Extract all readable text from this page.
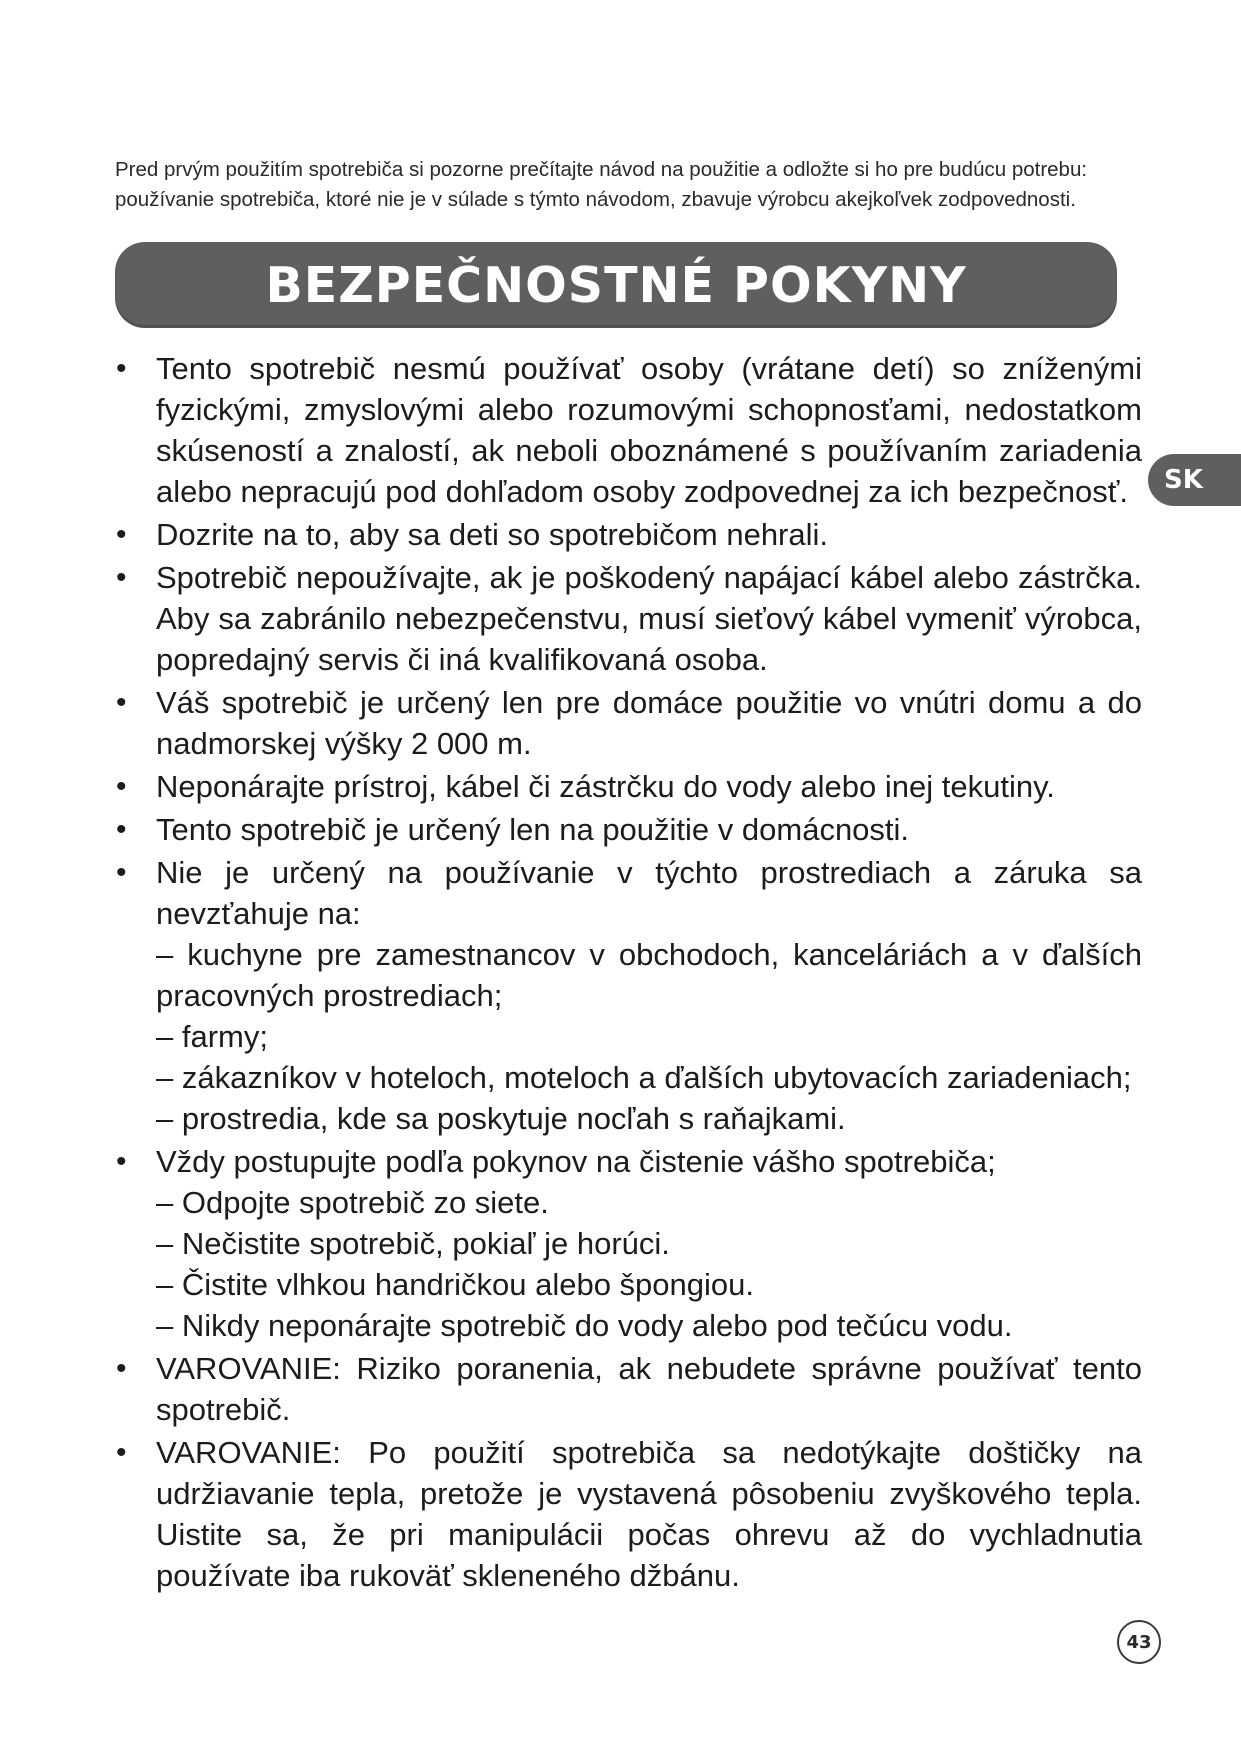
Pred prvým použitím spotrebiča si pozorne prečítajte návod na použitie a odložte si ho pre budúcu potrebu: používanie spotrebiča, ktoré nie je v súlade s týmto návodom, zbavuje výrobcu akejkoľvek zodpovednosti.

BEZPEČNOSTNÉ POKYNY
• Tento spotrebič nesmú používať osoby (vrátane detí) so zníženými fyzickými, zmyslovými alebo rozumovými schopnosťami, nedostatkom skúseností a znalostí, ak neboli oboznámené s používaním zariadenia alebo nepracujú pod dohľadom osoby zodpovednej za ich bezpečnosť.
• Dozrite na to, aby sa deti so spotrebičom nehrali.
• Spotrebič nepoužívajte, ak je poškodený napájací kábel alebo zástrčka. Aby sa zabránilo nebezpečenstvu, musí sieťový kábel vymeniť výrobca, popredajný servis či iná kvalifikovaná osoba.
• Váš spotrebič je určený len pre domáce použitie vo vnútri domu a do nadmorskej výšky 2 000 m.
• Neponárajte prístroj, kábel či zástrčku do vody alebo inej tekutiny.
• Tento spotrebič je určený len na použitie v domácnosti.
• Nie je určený na používanie v týchto prostrediach a záruka sa nevzťahuje na:
– kuchyne pre zamestnancov v obchodoch, kanceláriách a v ďalších pracovných prostrediach;
– farmy;
– zákazníkov v hoteloch, moteloch a ďalších ubytovacích zariadeniach;
– prostredia, kde sa poskytuje nocľah s raňajkami.
• Vždy postupujte podľa pokynov na čistenie vášho spotrebiča;
– Odpojte spotrebič zo siete.
– Nečistite spotrebič, pokiaľ je horúci.
– Čistite vlhkou handričkou alebo špongiou.
– Nikdy neponárajte spotrebič do vody alebo pod tečúcu vodu.
• VAROVANIE: Riziko poranenia, ak nebudete správne používať tento spotrebič.
• VAROVANIE: Po použití spotrebiča sa nedotýkajte doštičky na udržiavanie tepla, pretože je vystavená pôsobeniu zvyškového tepla. Uistite sa, že pri manipulácii počas ohrevu až do vychladnutia používate iba rukoväť skleneného džbánu.
SK
43
